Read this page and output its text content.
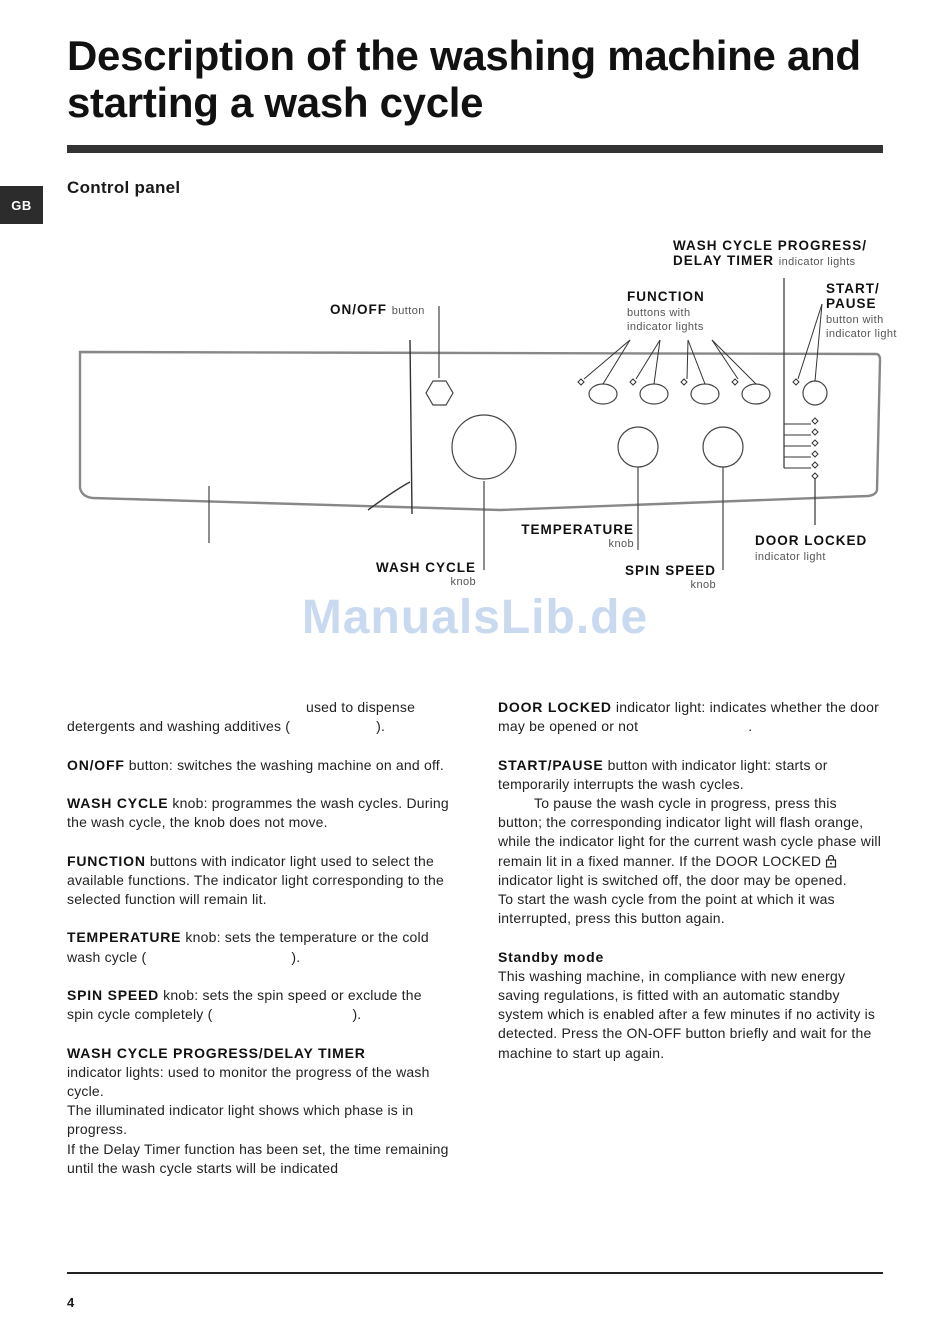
Description of the washing machine and starting a wash cycle
GB
Control panel
WASH CYCLE PROGRESS/
DELAY TIMER indicator lights
START/
PAUSE
button with
indicator light
FUNCTION
buttons with
indicator lights
ON/OFF button
TEMPERATURE
knob	DOOR LOCKED
indicator light
WASH CYCLE
knob
SPIN SPEED
knob
ManualsLib.de

used to dispense detergents and washing additives (	).

ON/OFF button: switches the washing machine on and off.

WASH CYCLE knob: programmes the wash cycles. During the wash cycle, the knob does not move.

FUNCTION buttons with indicator light used to select the available functions. The indicator light corresponding to the selected function will remain lit.

TEMPERATURE knob: sets the temperature or the cold wash cycle (	).

SPIN SPEED knob: sets the spin speed or exclude the spin cycle completely (	).

WASH CYCLE PROGRESS/DELAY TIMER
indicator lights: used to monitor the progress of the wash cycle.
The illuminated indicator light shows which phase is in progress.
If the Delay Timer function has been set, the time remaining until the wash cycle starts will be indicated

DOOR LOCKED indicator light: indicates whether the door may be opened or not	.

START/PAUSE button with indicator light: starts or temporarily interrupts the wash cycles.
To pause the wash cycle in progress, press this button; the corresponding indicator light will flash orange, while the indicator light for the current wash cycle phase will remain lit in a fixed manner. If the DOOR LOCKED  indicator light is switched off, the door may be opened.
To start the wash cycle from the point at which it was interrupted, press this button again.

Standby mode
This washing machine, in compliance with new energy saving regulations, is fitted with an automatic standby system which is enabled after a few minutes if no activity is detected. Press the ON-OFF button briefly and wait for the machine to start up again.
4
